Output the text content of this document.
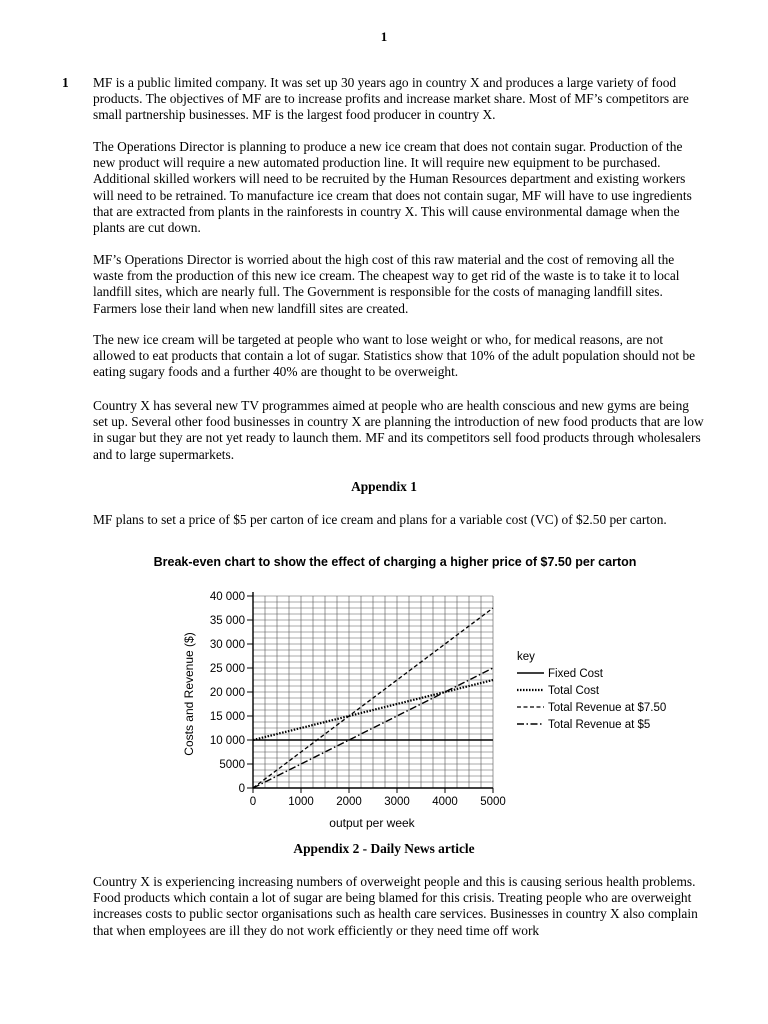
1
1 MF is a public limited company. It was set up 30 years ago in country X and produces a large variety of food products. The objectives of MF are to increase profits and increase market share. Most of MF’s competitors are small partnership businesses. MF is the largest food producer in country X.

The Operations Director is planning to produce a new ice cream that does not contain sugar. Production of the new product will require a new automated production line. It will require new equipment to be purchased. Additional skilled workers will need to be recruited by the Human Resources department and existing workers will need to be retrained. To manufacture ice cream that does not contain sugar, MF will have to use ingredients that are extracted from plants in the rainforests in country X. This will cause environmental damage when the plants are cut down.

MF’s Operations Director is worried about the high cost of this raw material and the cost of removing all the waste from the production of this new ice cream. The cheapest way to get rid of the waste is to take it to local landfill sites, which are nearly full. The Government is responsible for the costs of managing landfill sites. Farmers lose their land when new landfill sites are created.

The new ice cream will be targeted at people who want to lose weight or who, for medical reasons, are not allowed to eat products that contain a lot of sugar. Statistics show that 10% of the adult population should not be eating sugary foods and a further 40% are thought to be overweight.

Country X has several new TV programmes aimed at people who are health conscious and new gyms are being set up. Several other food businesses in country X are planning the introduction of new food products that are low in sugar but they are not yet ready to launch them. MF and its competitors sell food products through wholesalers and to large supermarkets.

Appendix 1

MF plans to set a price of $5 per carton of ice cream and plans for a variable cost (VC) of $2.50 per carton.

Break-even chart to show the effect of charging a higher price of $7.50 per carton
0
5000
10 000
15 000
20 000
25 000
30 000
35 000
40 000
0	1000 2000 3000 4000 5000
key
Fixed Cost
Total Cost
Total Revenue at $7.50
Total Revenue at $5
output per week
Costs and Revenue ($)
Appendix 2 - Daily News article

Country X is experiencing increasing numbers of overweight people and this is causing serious health problems. Food products which contain a lot of sugar are being blamed for this crisis. Treating people who are overweight increases costs to public sector organisations such as health care services. Businesses in country X also complain that when employees are ill they do not work efficiently or they need time off work
